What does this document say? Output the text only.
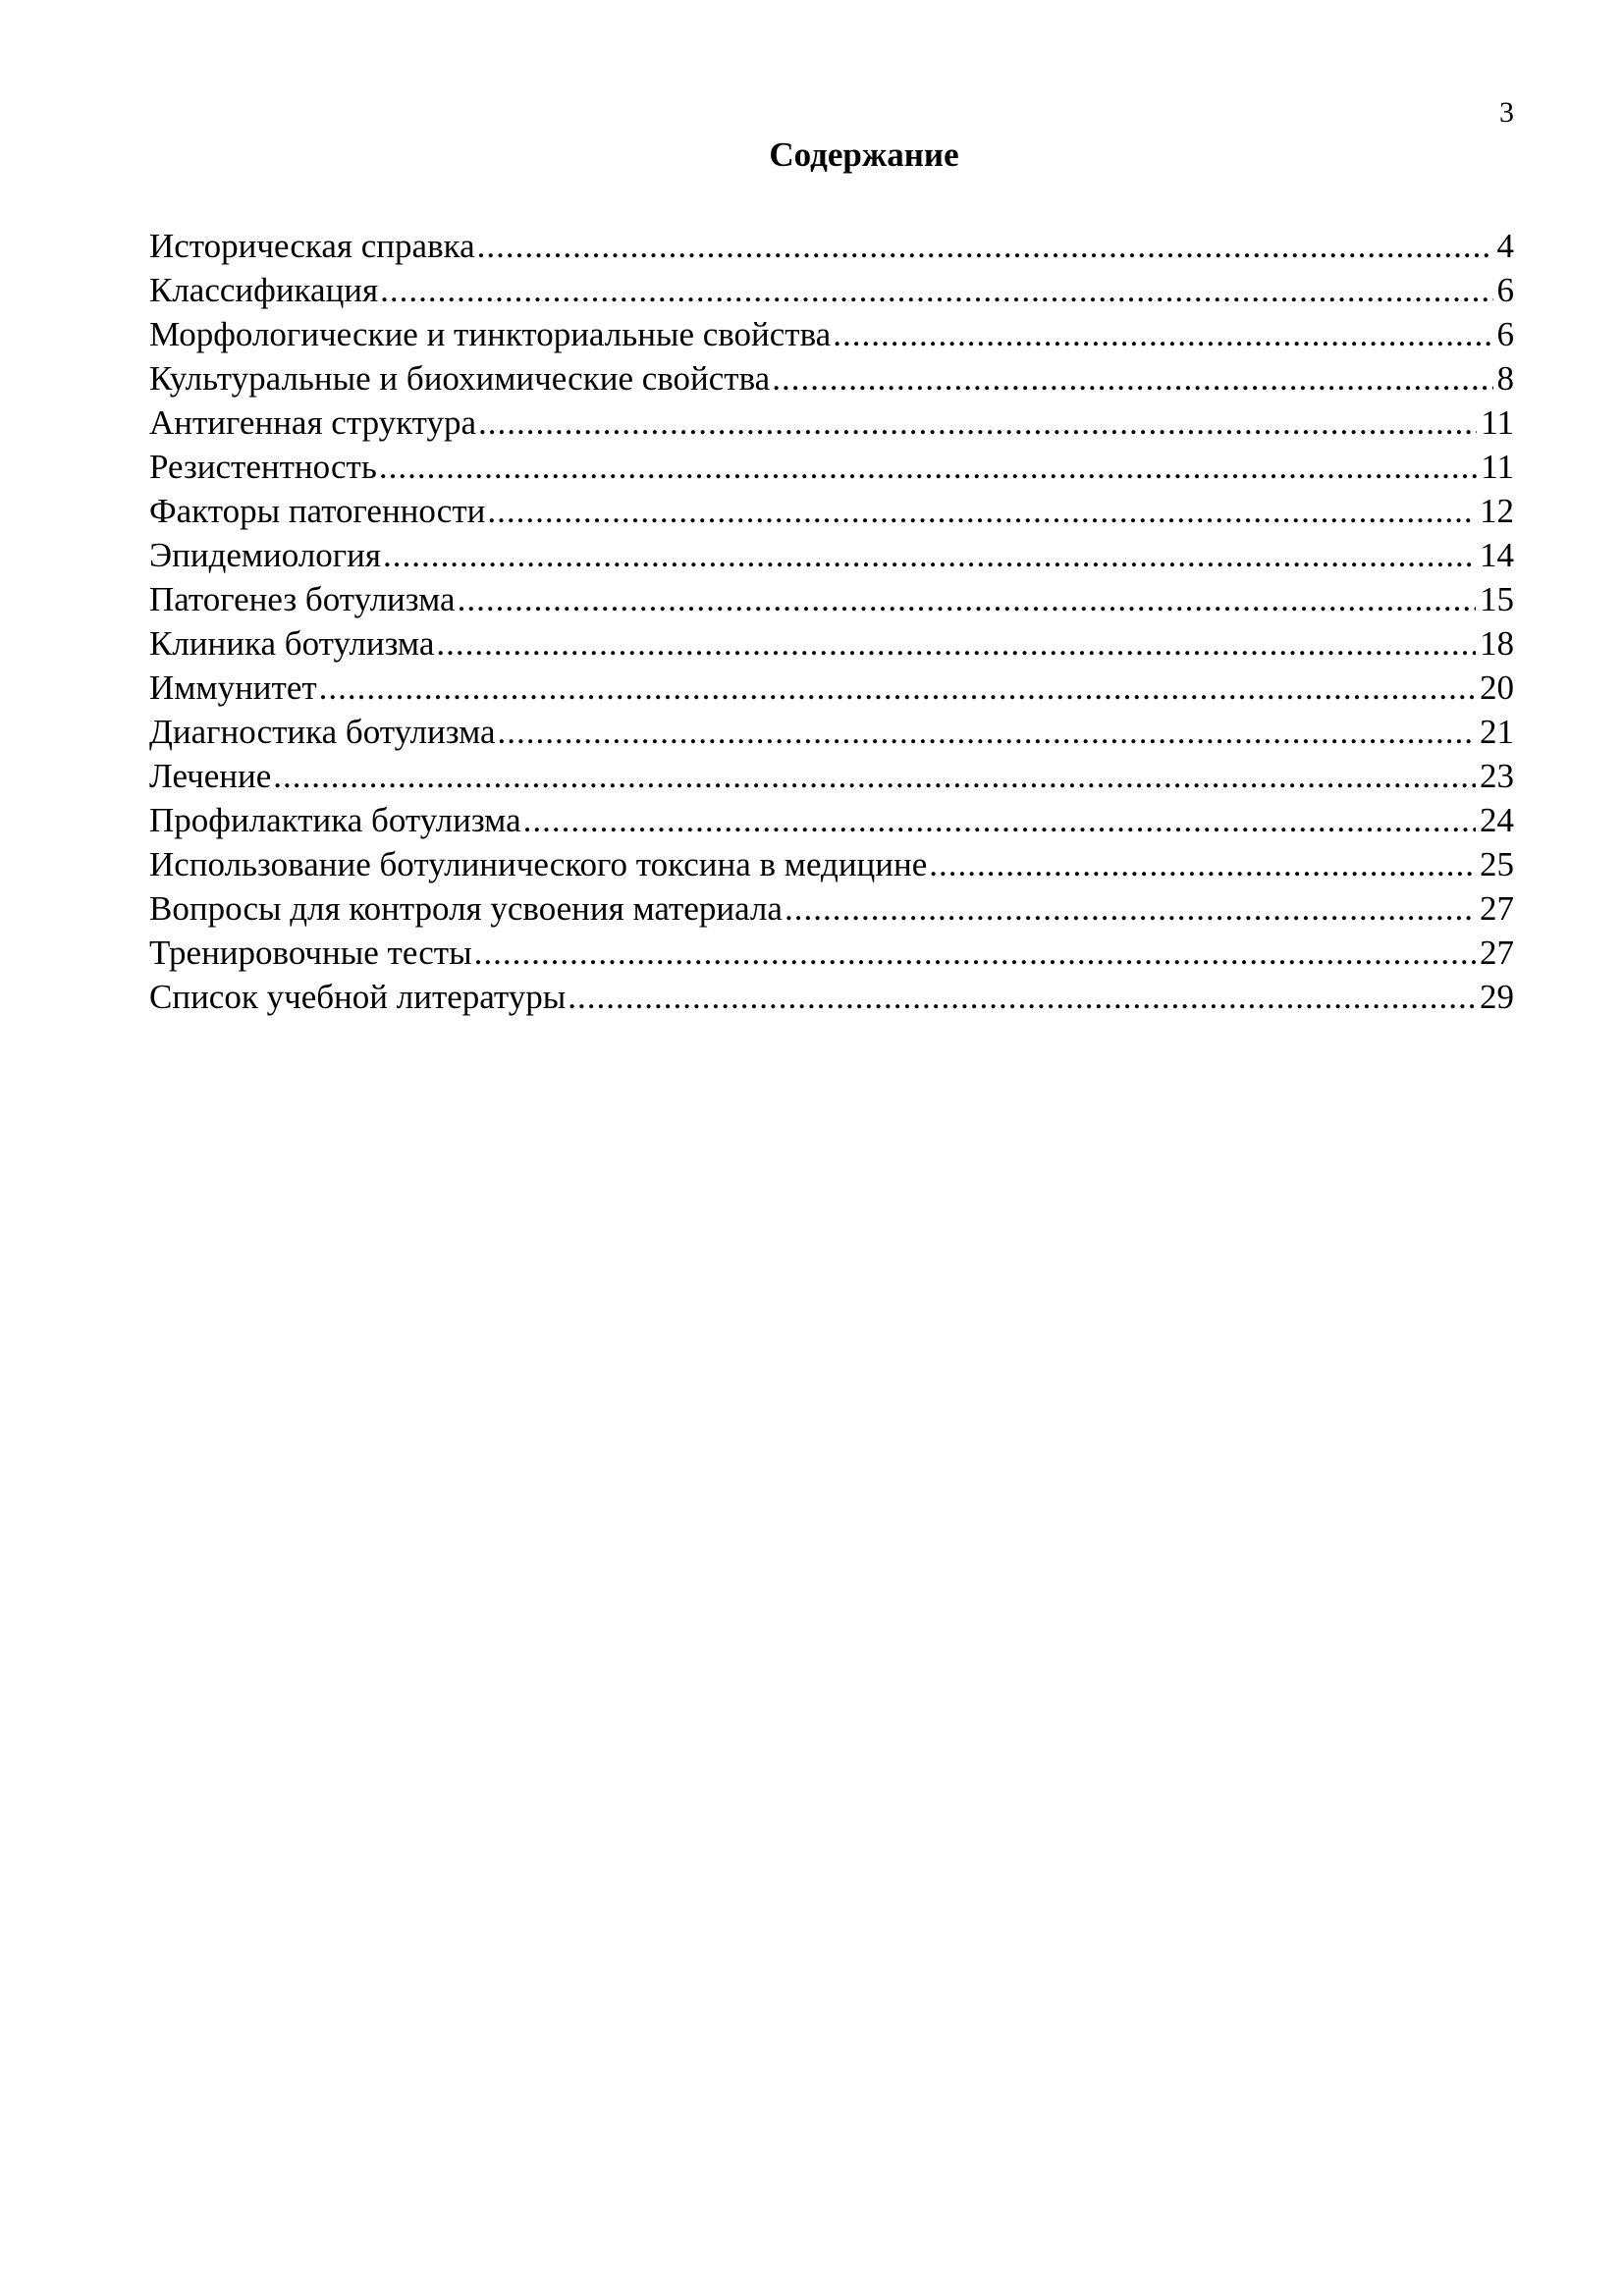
3
Содержание
Историческая справка .....	4
Классификация .....	6
Морфологические и тинкториальные свойства .....	6
Культуральные и биохимические свойства .....	8
Антигенная структура .....	11
Резистентность .....	11
Факторы патогенности .....	12
Эпидемиология .....	14
Патогенез ботулизма .....	15
Клиника ботулизма .....	18
Иммунитет .....	20
Диагностика ботулизма .....	21
Лечение .....	23
Профилактика ботулизма .....	24
Использование ботулинического токсина в медицине .....	25
Вопросы для контроля усвоения материала .....	27
Тренировочные тесты .....	27
Список учебной литературы .....	29
